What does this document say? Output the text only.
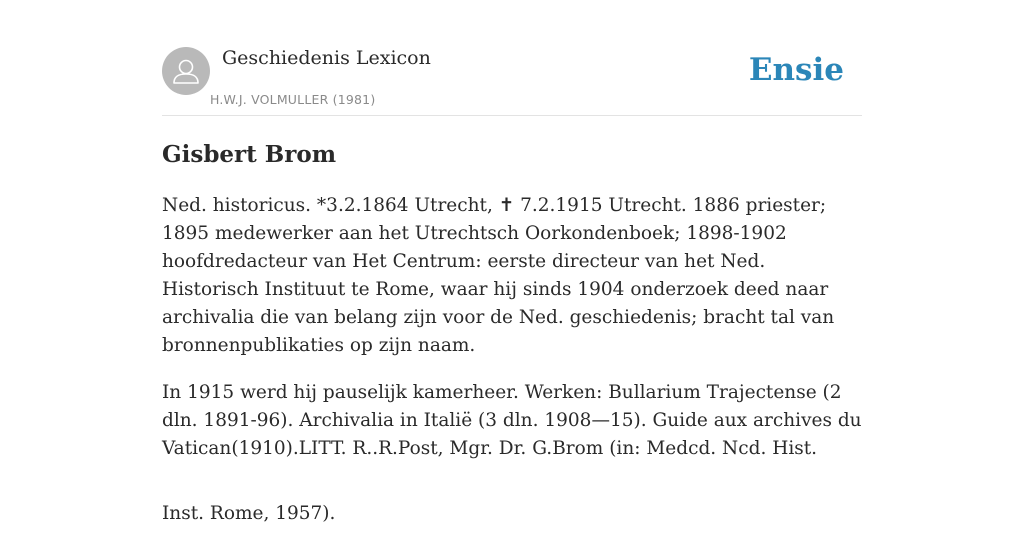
Geschiedenis Lexicon
H.W.J. VOLMULLER (1981)
Ensie
Gisbert Brom

Ned. historicus. *3.2.1864 Utrecht, ✝ 7.2.1915 Utrecht. 1886 priester; 1895 medewerker aan het Utrechtsch Oorkondenboek; 1898-1902 hoofdredacteur van Het Centrum: eerste directeur van het Ned. Historisch Instituut te Rome, waar hij sinds 1904 onderzoek deed naar archivalia die van belang zijn voor de Ned. geschiedenis; bracht tal van bronnenpublikaties op zijn naam.

In 1915 werd hij pauselijk kamerheer. Werken: Bullarium Trajectense (2 dln. 1891-96). Archivalia in Italië (3 dln. 1908—15). Guide aux archives du Vatican(1910).LITT. R..R.Post, Mgr. Dr. G.Brom (in: Medcd. Ncd. Hist.

Inst. Rome, 1957).
